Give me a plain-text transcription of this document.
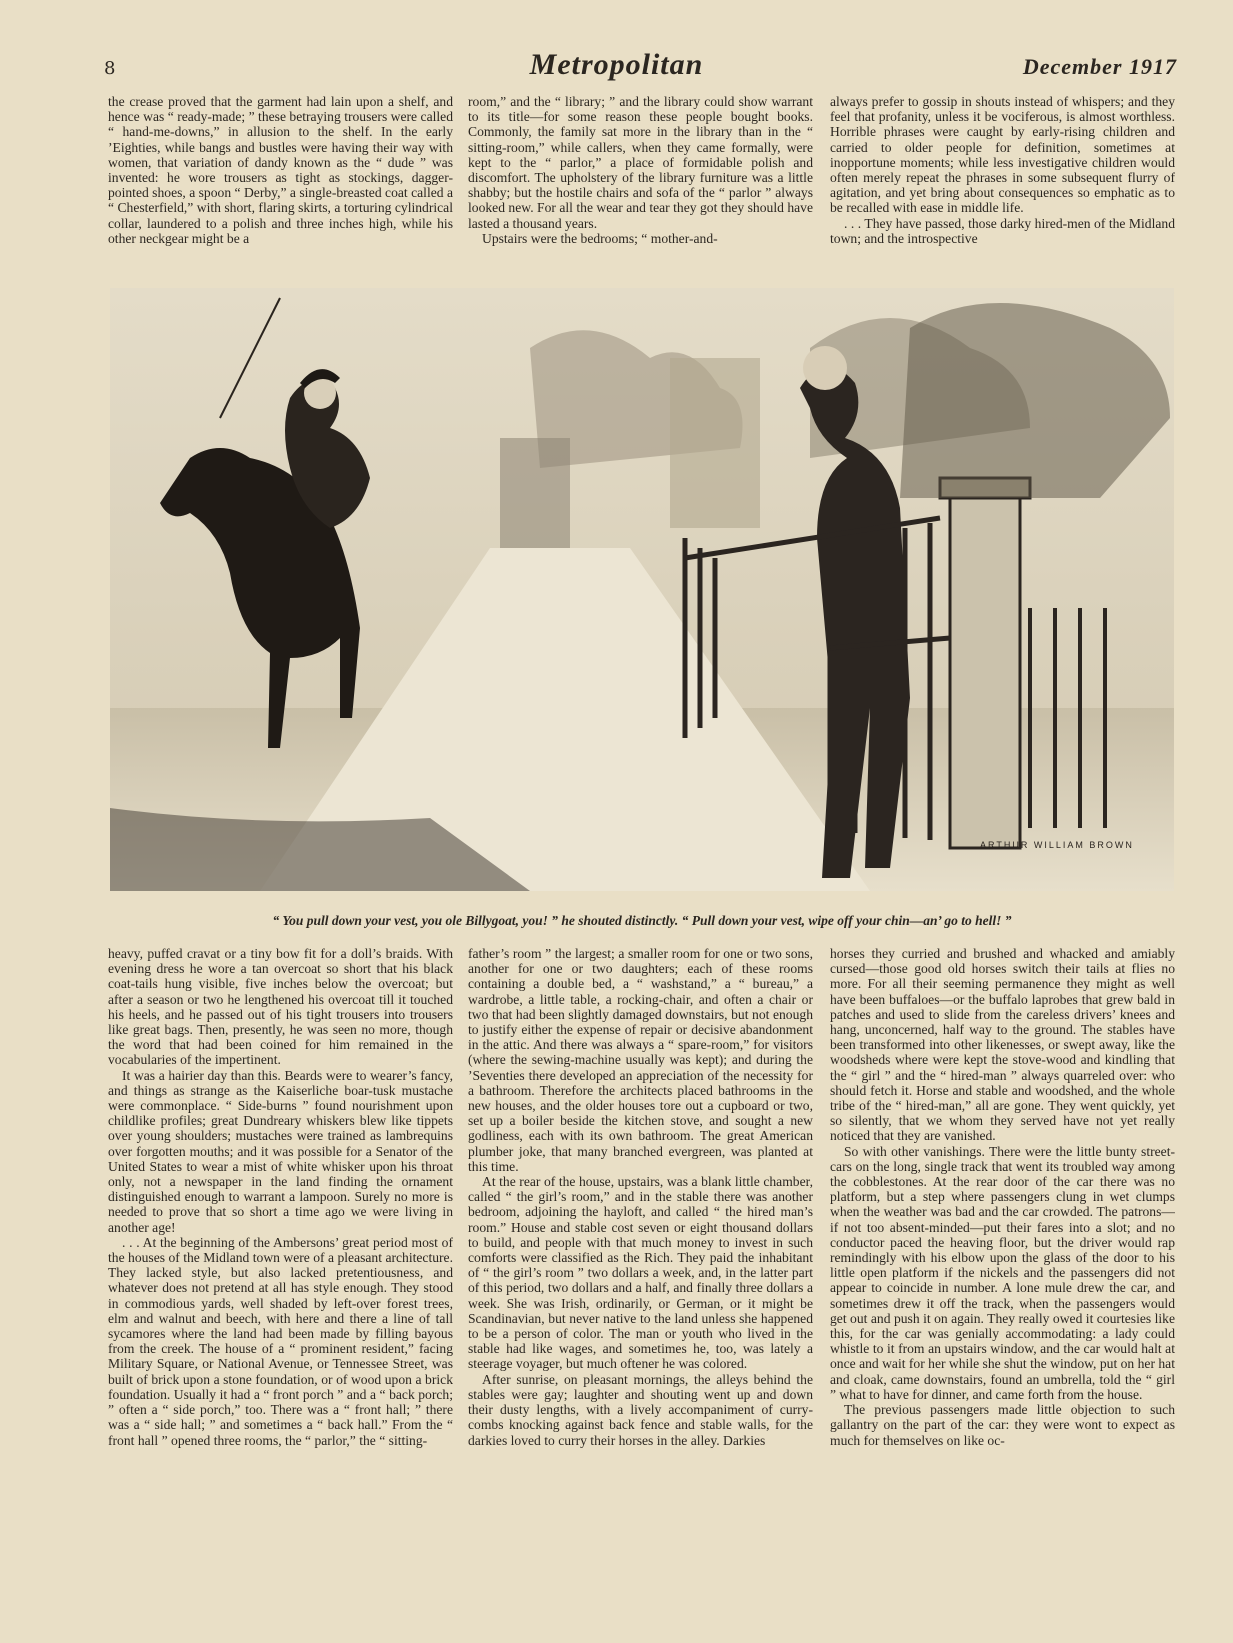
8	Metropolitan	December 1917

the crease proved that the garment had lain upon a shelf, and hence was “ ready-made; ” these betraying trousers were called “ hand-me-downs,” in allusion to the shelf. In the early ’Eighties, while bangs and bustles were having their way with women, that variation of dandy known as the “ dude ” was invented: he wore trousers as tight as stockings, dagger-pointed shoes, a spoon “ Derby,” a single-breasted coat called a “ Chesterfield,” with short, flaring skirts, a torturing cylindrical collar, laundered to a polish and three inches high, while his other neckgear might be a

room,” and the “ library; ” and the library could show warrant to its title—for some reason these people bought books. Commonly, the family sat more in the library than in the “ sitting-room,” while callers, when they came formally, were kept to the “ parlor,” a place of formidable polish and discomfort. The upholstery of the library furniture was a little shabby; but the hostile chairs and sofa of the “ parlor ” always looked new. For all the wear and tear they got they should have lasted a thousand years.

Upstairs were the bedrooms; “ mother-and-

always prefer to gossip in shouts instead of whispers; and they feel that profanity, unless it be vociferous, is almost worthless. Horrible phrases were caught by early-rising children and carried to older people for definition, sometimes at inopportune moments; while less investigative children would often merely repeat the phrases in some subsequent flurry of agitation, and yet bring about consequences so emphatic as to be recalled with ease in middle life.

. . . They have passed, those darky hired-men of the Midland town; and the introspective

ARTHUR WILLIAM BROWN
“ You pull down your vest, you ole Billygoat, you! ” he shouted distinctly. “ Pull down your vest, wipe off your chin—an’ go to hell! ”

heavy, puffed cravat or a tiny bow fit for a doll’s braids. With evening dress he wore a tan overcoat so short that his black coat-tails hung visible, five inches below the overcoat; but after a season or two he lengthened his overcoat till it touched his heels, and he passed out of his tight trousers into trousers like great bags. Then, presently, he was seen no more, though the word that had been coined for him remained in the vocabularies of the impertinent.

It was a hairier day than this. Beards were to wearer’s fancy, and things as strange as the Kaiserliche boar-tusk mustache were commonplace. “ Side-burns ” found nourishment upon childlike profiles; great Dundreary whiskers blew like tippets over young shoulders; mustaches were trained as lambrequins over forgotten mouths; and it was possible for a Senator of the United States to wear a mist of white whisker upon his throat only, not a newspaper in the land finding the ornament distinguished enough to warrant a lampoon. Surely no more is needed to prove that so short a time ago we were living in another age!

. . . At the beginning of the Ambersons’ great period most of the houses of the Midland town were of a pleasant architecture. They lacked style, but also lacked pretentiousness, and whatever does not pretend at all has style enough. They stood in commodious yards, well shaded by left-over forest trees, elm and walnut and beech, with here and there a line of tall sycamores where the land had been made by filling bayous from the creek. The house of a “ prominent resident,” facing Military Square, or National Avenue, or Tennessee Street, was built of brick upon a stone foundation, or of wood upon a brick foundation. Usually it had a “ front porch ” and a “ back porch; ” often a “ side porch,” too. There was a “ front hall; ” there was a “ side hall; ” and sometimes a “ back hall.” From the “ front hall ” opened three rooms, the “ parlor,” the “ sitting-

father’s room ” the largest; a smaller room for one or two sons, another for one or two daughters; each of these rooms containing a double bed, a “ washstand,” a “ bureau,” a wardrobe, a little table, a rocking-chair, and often a chair or two that had been slightly damaged downstairs, but not enough to justify either the expense of repair or decisive abandonment in the attic. And there was always a “ spare-room,” for visitors (where the sewing-machine usually was kept); and during the ’Seventies there developed an appreciation of the necessity for a bathroom. Therefore the architects placed bathrooms in the new houses, and the older houses tore out a cupboard or two, set up a boiler beside the kitchen stove, and sought a new godliness, each with its own bathroom. The great American plumber joke, that many branched evergreen, was planted at this time.

At the rear of the house, upstairs, was a blank little chamber, called “ the girl’s room,” and in the stable there was another bedroom, adjoining the hayloft, and called “ the hired man’s room.” House and stable cost seven or eight thousand dollars to build, and people with that much money to invest in such comforts were classified as the Rich. They paid the inhabitant of “ the girl’s room ” two dollars a week, and, in the latter part of this period, two dollars and a half, and finally three dollars a week. She was Irish, ordinarily, or German, or it might be Scandinavian, but never native to the land unless she happened to be a person of color. The man or youth who lived in the stable had like wages, and sometimes he, too, was lately a steerage voyager, but much oftener he was colored.

After sunrise, on pleasant mornings, the alleys behind the stables were gay; laughter and shouting went up and down their dusty lengths, with a lively accompaniment of curry-combs knocking against back fence and stable walls, for the darkies loved to curry their horses in the alley. Darkies

horses they curried and brushed and whacked and amiably cursed—those good old horses switch their tails at flies no more. For all their seeming permanence they might as well have been buffaloes—or the buffalo laprobes that grew bald in patches and used to slide from the careless drivers’ knees and hang, unconcerned, half way to the ground. The stables have been transformed into other likenesses, or swept away, like the woodsheds where were kept the stove-wood and kindling that the “ girl ” and the “ hired-man ” always quarreled over: who should fetch it. Horse and stable and woodshed, and the whole tribe of the “ hired-man,” all are gone. They went quickly, yet so silently, that we whom they served have not yet really noticed that they are vanished.

So with other vanishings. There were the little bunty street-cars on the long, single track that went its troubled way among the cobblestones. At the rear door of the car there was no platform, but a step where passengers clung in wet clumps when the weather was bad and the car crowded. The patrons—if not too absent-minded—put their fares into a slot; and no conductor paced the heaving floor, but the driver would rap remindingly with his elbow upon the glass of the door to his little open platform if the nickels and the passengers did not appear to coincide in number. A lone mule drew the car, and sometimes drew it off the track, when the passengers would get out and push it on again. They really owed it courtesies like this, for the car was genially accommodating: a lady could whistle to it from an upstairs window, and the car would halt at once and wait for her while she shut the window, put on her hat and cloak, came downstairs, found an umbrella, told the “ girl ” what to have for dinner, and came forth from the house.

The previous passengers made little objection to such gallantry on the part of the car: they were wont to expect as much for themselves on like oc-
